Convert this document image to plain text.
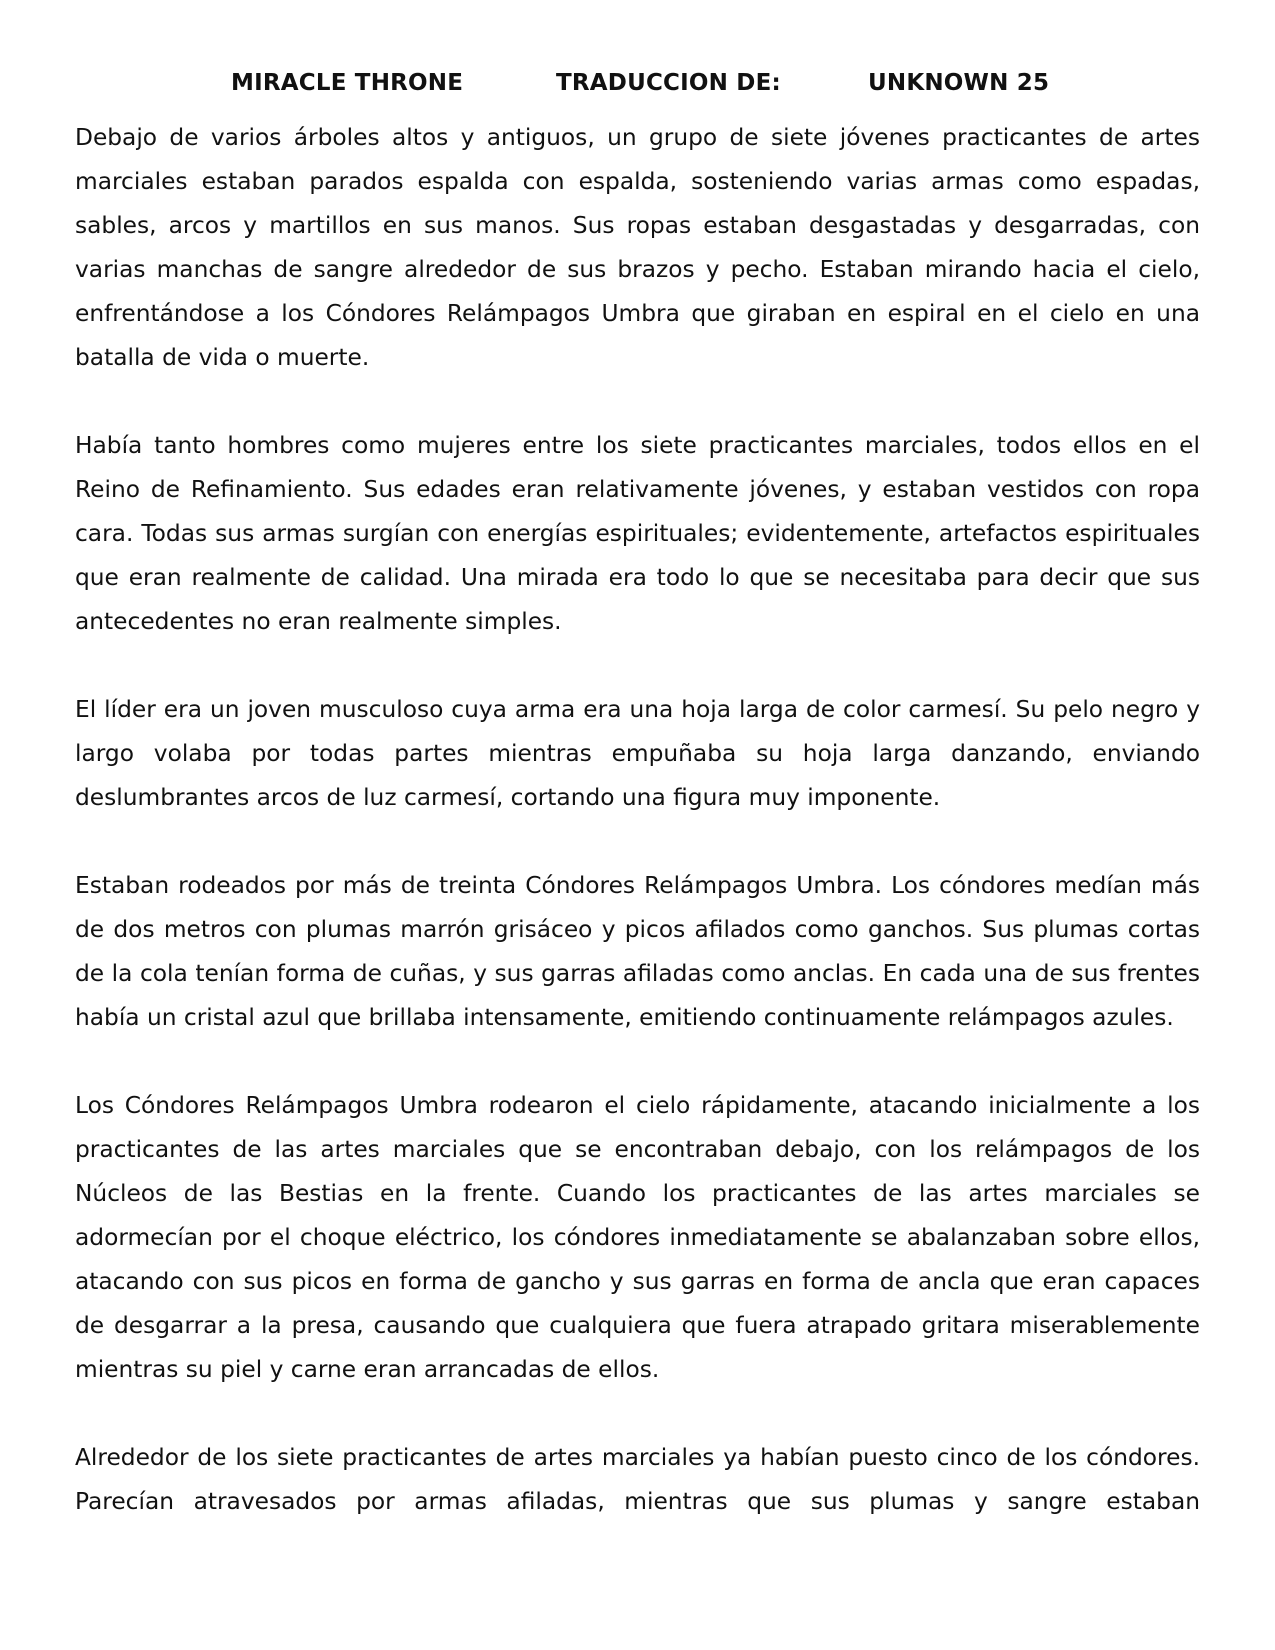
MIRACLE THRONE	TRADUCCION DE:	UNKNOWN 25

Debajo de varios árboles altos y antiguos, un grupo de siete jóvenes practicantes de artes marciales estaban parados espalda con espalda, sosteniendo varias armas como espadas, sables, arcos y martillos en sus manos. Sus ropas estaban desgastadas y desgarradas, con varias manchas de sangre alrededor de sus brazos y pecho. Estaban mirando hacia el cielo, enfrentándose a los Cóndores Relámpagos Umbra que giraban en espiral en el cielo en una batalla de vida o muerte.

Había tanto hombres como mujeres entre los siete practicantes marciales, todos ellos en el Reino de Refinamiento. Sus edades eran relativamente jóvenes, y estaban vestidos con ropa cara. Todas sus armas surgían con energías espirituales; evidentemente, artefactos espirituales que eran realmente de calidad. Una mirada era todo lo que se necesitaba para decir que sus antecedentes no eran realmente simples.

El líder era un joven musculoso cuya arma era una hoja larga de color carmesí. Su pelo negro y largo volaba por todas partes mientras empuñaba su hoja larga danzando, enviando deslumbrantes arcos de luz carmesí, cortando una figura muy imponente.

Estaban rodeados por más de treinta Cóndores Relámpagos Umbra. Los cóndores medían más de dos metros con plumas marrón grisáceo y picos afilados como ganchos. Sus plumas cortas de la cola tenían forma de cuñas, y sus garras afiladas como anclas. En cada una de sus frentes había un cristal azul que brillaba intensamente, emitiendo continuamente relámpagos azules.

Los Cóndores Relámpagos Umbra rodearon el cielo rápidamente, atacando inicialmente a los practicantes de las artes marciales que se encontraban debajo, con los relámpagos de los Núcleos de las Bestias en la frente. Cuando los practicantes de las artes marciales se adormecían por el choque eléctrico, los cóndores inmediatamente se abalanzaban sobre ellos, atacando con sus picos en forma de gancho y sus garras en forma de ancla que eran capaces de desgarrar a la presa, causando que cualquiera que fuera atrapado gritara miserablemente mientras su piel y carne eran arrancadas de ellos.

Alrededor de los siete practicantes de artes marciales ya habían puesto cinco de los cóndores. Parecían atravesados por armas afiladas, mientras que sus plumas y sangre estaban
